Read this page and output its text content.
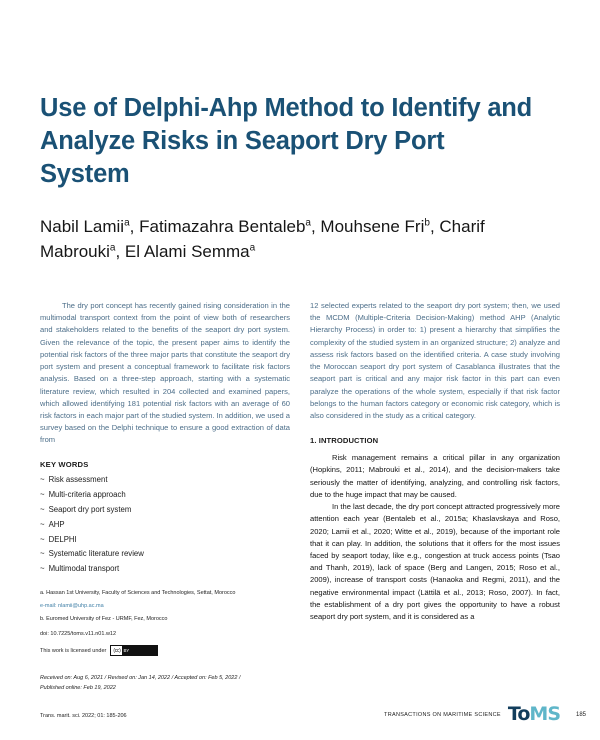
Use of Delphi-Ahp Method to Identify and Analyze Risks in Seaport Dry Port System

Nabil Lamii$^a$, Fatimazahra Bentaleb$^a$, Mouhsene Fri$^b$, Charif Mabrouki$^a$, El Alami Semma$^a$

The dry port concept has recently gained rising consideration in the multimodal transport context from the point of view both of researchers and stakeholders related to the benefits of the seaport dry port system. Given the relevance of the topic, the present paper aims to identify the potential risk factors of the three major parts that constitute the seaport dry port system and present a conceptual framework to facilitate risk factors analysis. Based on a three-step approach, starting with a systematic literature review, which resulted in 204 collected and examined papers, which allowed identifying 181 potential risk factors with an average of 60 risk factors in each major part of the studied system. In addition, we used a survey based on the Delphi technique to ensure a good extraction of data from

KEY WORDS
~ Risk assessment
~ Multi-criteria approach
~ Seaport dry port system
~ AHP
~ DELPHI
~ Systematic literature review
~ Multimodal transport

a. Hassan 1st University, Faculty of Sciences and Technologies, Settat, Morocco

e-mail: nlamii@uhp.ac.ma

b. Euromed University of Fez - URMF, Fez, Morocco

doi: 10.7225/toms.v11.n01.w12
This work is licensed under	(cc) BY
Received on: Aug 6, 2021 / Revised on: Jan 14, 2022 / Accepted on: Feb 5, 2022 /
Published online: Feb 19, 2022

12 selected experts related to the seaport dry port system; then, we used the MCDM (Multiple-Criteria Decision-Making) method AHP (Analytic Hierarchy Process) in order to: 1) present a hierarchy that simplifies the complexity of the studied system in an organized structure; 2) analyze and assess risk factors based on the identified criteria. A case study involving the Moroccan seaport dry port system of Casablanca illustrates that the seaport part is critical and any major risk factor in this part can even paralyze the operations of the whole system, especially if that risk factor belongs to the human factors category or economic risk category, which is also considered in the study as a critical category.

1. INTRODUCTION

Risk management remains a critical pillar in any organization (Hopkins, 2011; Mabrouki et al., 2014), and the decision-makers take seriously the matter of identifying, analyzing, and controlling risk factors, due to the huge impact that may be caused.

In the last decade, the dry port concept attracted progressively more attention each year (Bentaleb et al., 2015a; Khaslavskaya and Roso, 2020; Lamii et al., 2020; Witte et al., 2019), because of the important role that it can play. In addition, the solutions that it offers for the most issues faced by seaport today, like e.g., congestion at truck access points (Tsao and Thanh, 2019), lack of space (Berg and Langen, 2015; Roso et al., 2009), increase of transport costs (Hanaoka and Regmi, 2011), and the negative environmental impact (Lättilä et al., 2013; Roso, 2007). In fact, the establishment of a dry port gives the opportunity to have a robust seaport dry port system, and it is considered as a

Trans. marit. sci. 2022; 01: 185-206	TRANSACTIONS ON MARITIME SCIENCE ToMS	185
